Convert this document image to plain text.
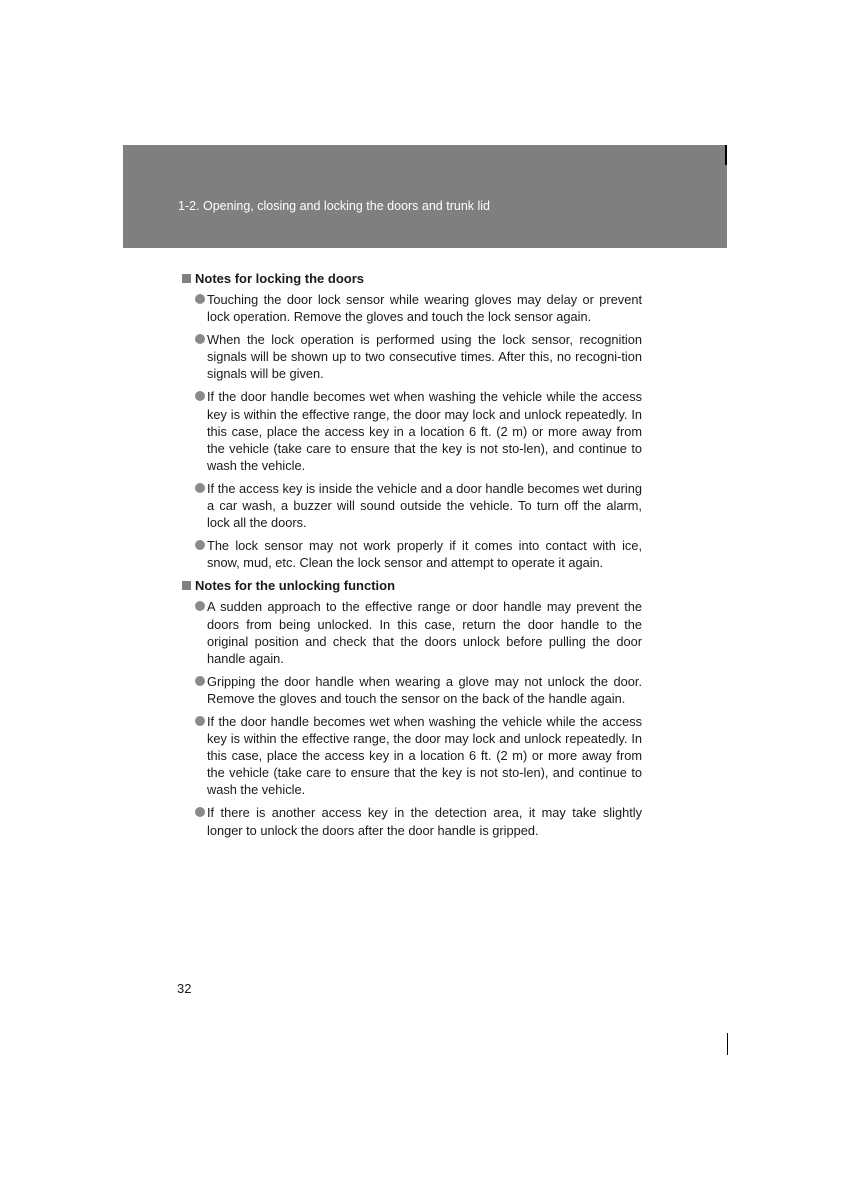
1-2. Opening, closing and locking the doors and trunk lid
Notes for locking the doors
Touching the door lock sensor while wearing gloves may delay or prevent lock operation. Remove the gloves and touch the lock sensor again.
When the lock operation is performed using the lock sensor, recognition signals will be shown up to two consecutive times. After this, no recogni-tion signals will be given.
If the door handle becomes wet when washing the vehicle while the access key is within the effective range, the door may lock and unlock repeatedly. In this case, place the access key in a location 6 ft. (2 m) or more away from the vehicle (take care to ensure that the key is not sto-len), and continue to wash the vehicle.
If the access key is inside the vehicle and a door handle becomes wet during a car wash, a buzzer will sound outside the vehicle. To turn off the alarm, lock all the doors.
The lock sensor may not work properly if it comes into contact with ice, snow, mud, etc. Clean the lock sensor and attempt to operate it again.
Notes for the unlocking function
A sudden approach to the effective range or door handle may prevent the doors from being unlocked. In this case, return the door handle to the original position and check that the doors unlock before pulling the door handle again.
Gripping the door handle when wearing a glove may not unlock the door. Remove the gloves and touch the sensor on the back of the handle again.
If the door handle becomes wet when washing the vehicle while the access key is within the effective range, the door may lock and unlock repeatedly. In this case, place the access key in a location 6 ft. (2 m) or more away from the vehicle (take care to ensure that the key is not sto-len), and continue to wash the vehicle.
If there is another access key in the detection area, it may take slightly longer to unlock the doors after the door handle is gripped.
32
